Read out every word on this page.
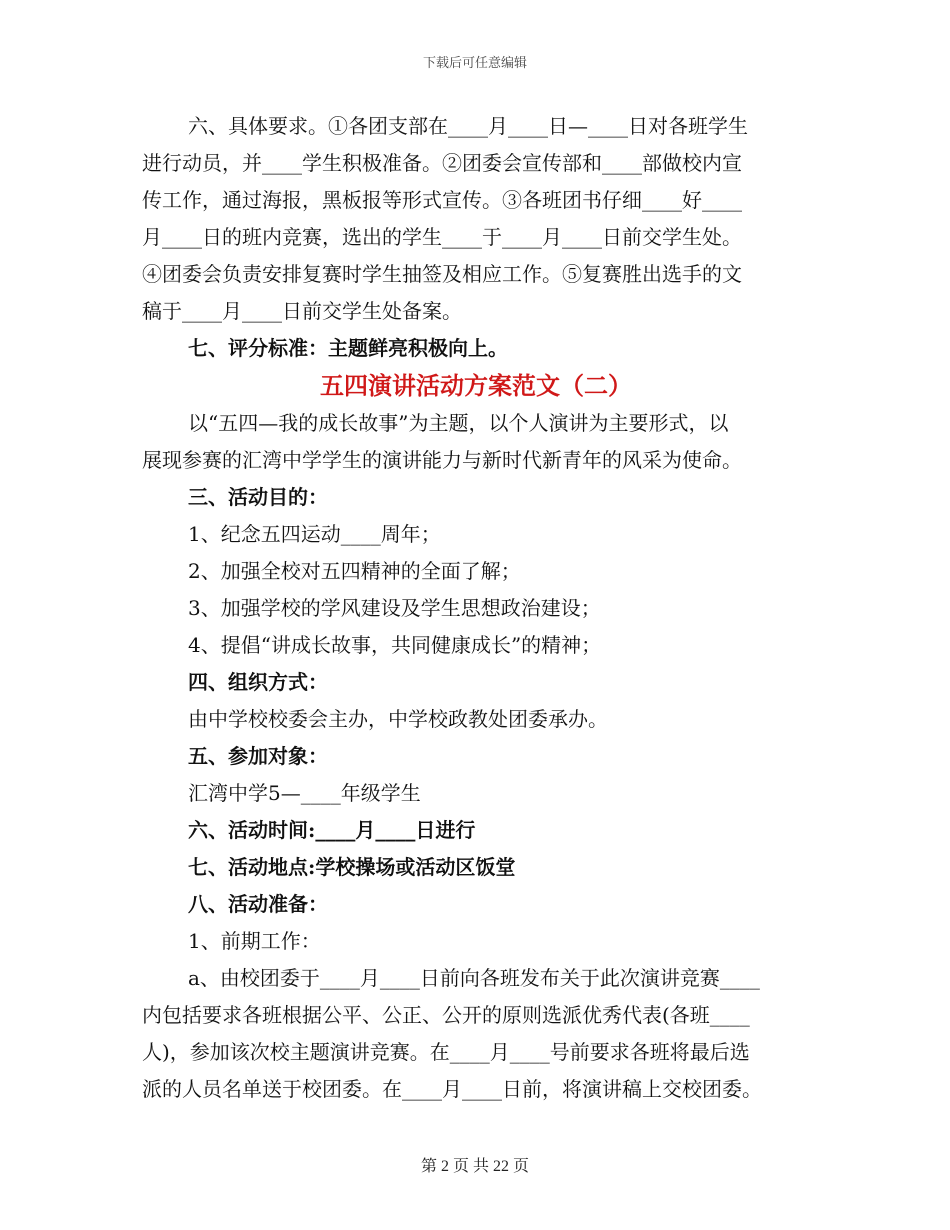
下载后可任意编辑
六、具体要求。①各团支部在____月____日—____日对各班学生
进行动员，并____学生积极准备。②团委会宣传部和____部做校内宣
传工作，通过海报，黑板报等形式宣传。③各班团书仔细____好____
月____日的班内竞赛，选出的学生____于____月____日前交学生处。
④团委会负责安排复赛时学生抽签及相应工作。⑤复赛胜出选手的文
稿于____月____日前交学生处备案。
七、评分标准：主题鲜亮积极向上。
五四演讲活动方案范文（二）
以“五四—我的成长故事”为主题，以个人演讲为主要形式，以
展现参赛的汇湾中学学生的演讲能力与新时代新青年的风采为使命。
三、活动目的：
1、纪念五四运动____周年；
2、加强全校对五四精神的全面了解；
3、加强学校的学风建设及学生思想政治建设；
4、提倡“讲成长故事，共同健康成长”的精神；
四、组织方式：
由中学校校委会主办，中学校政教处团委承办。
五、参加对象：
汇湾中学5—____年级学生
六、活动时间:____月____日进行
七、活动地点:学校操场或活动区饭堂
八、活动准备：
1、前期工作：
a、由校团委于____月____日前向各班发布关于此次演讲竞赛____
内包括要求各班根据公平、公正、公开的原则选派优秀代表(各班____
人)，参加该次校主题演讲竞赛。在____月____号前要求各班将最后选
派的人员名单送于校团委。在____月____日前，将演讲稿上交校团委。
第 2 页 共 22 页
